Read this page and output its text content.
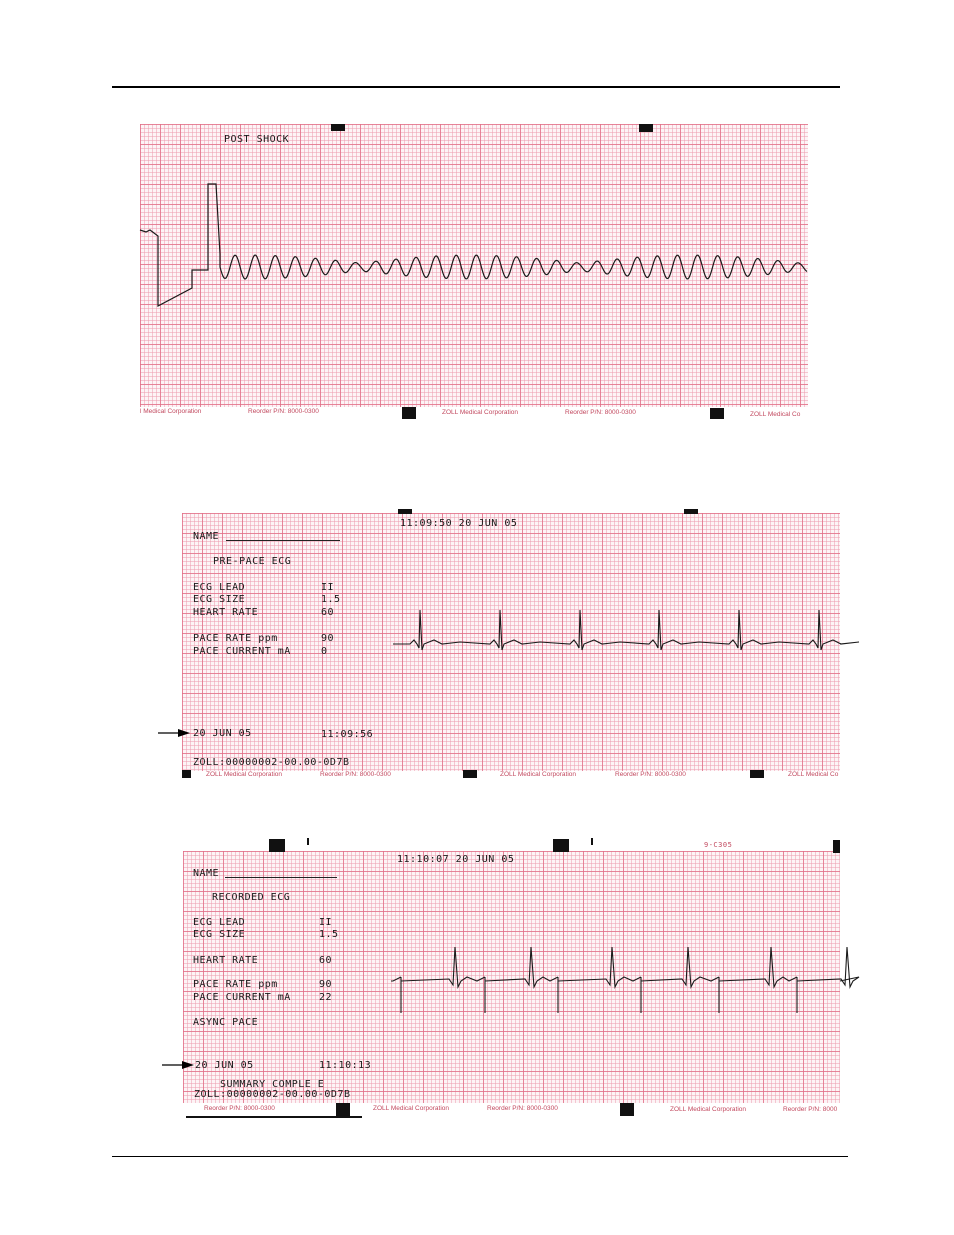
POST SHOCK
l Medical Corporation	Reorder P/N: 8000-0300	ZOLL Medical Corporation	Reorder P/N: 8000-0300	ZOLL Medical Co
11:09:50 20 JUN 05
NAME
PRE-PACE ECG
ECG LEAD	II
ECG SIZE	1.5
HEART RATE	60
PACE RATE ppm	90
PACE CURRENT mA	0
20 JUN 05	11:09:56
ZOLL:00000002-00.00-0D7B
ZOLL Medical Corporation	Reorder P/N: 8000-0300	ZOLL Medical Corporation	Reorder P/N: 8000-0300	ZOLL Medical Co
11:10:07 20 JUN 05
9-C305
NAME
RECORDED ECG
ECG LEAD	II
ECG SIZE	1.5
HEART RATE	60
PACE RATE ppm	90
PACE CURRENT mA	22
ASYNC PACE
20 JUN 05	11:10:13
SUMMARY COMPLE E
ZOLL:00000002-00.00-0D7B
Reorder P/N: 8000-0300	ZOLL Medical Corporation	Reorder P/N: 8000-0300	ZOLL Medical Corporation	Reorder P/N: 8000
